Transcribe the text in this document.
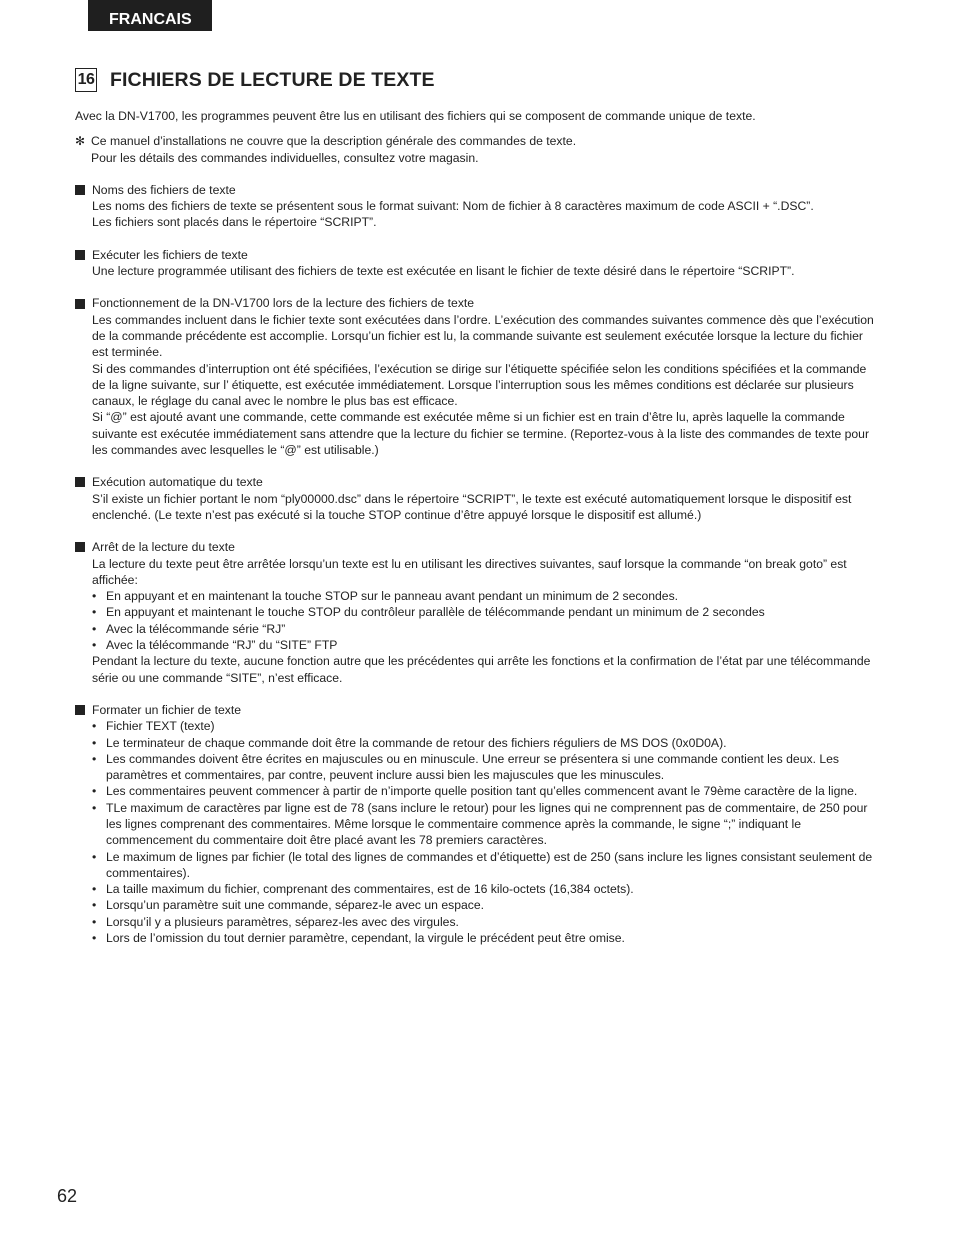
FRANCAIS
16 FICHIERS DE LECTURE DE TEXTE

Avec la DN-V1700, les programmes peuvent être lus en utilisant des fichiers qui se composent de commande unique de texte.

✻ Ce manuel d’installations ne couvre que la description générale des commandes de texte.

Pour les détails des commandes individuelles, consultez votre magasin.

Noms des fichiers de texte

Les noms des fichiers de texte se présentent sous le format suivant: Nom de fichier à 8 caractères maximum de code ASCII + “.DSC”.

Les fichiers sont placés dans le répertoire “SCRIPT”.

Exécuter les fichiers de texte

Une lecture programmée utilisant des fichiers de texte est exécutée en lisant le fichier de texte désiré dans le répertoire “SCRIPT”.

Fonctionnement de la DN-V1700 lors de la lecture des fichiers de texte

Les commandes incluent dans le fichier texte sont exécutées dans l’ordre. L’exécution des commandes suivantes commence dès que l’exécution de la commande précédente est accomplie. Lorsqu’un fichier est lu, la commande suivante est seulement exécutée lorsque la lecture du fichier est terminée.

Si des commandes d’interruption ont été spécifiées, l’exécution se dirige sur l’étiquette spécifiée selon les conditions spécifiées et la commande de la ligne suivante, sur l’ étiquette, est exécutée immédiatement. Lorsque l’interruption sous les mêmes conditions est déclarée sur plusieurs canaux, le réglage du canal avec le nombre le plus bas est efficace.

Si “@” est ajouté avant une commande, cette commande est exécutée même si un fichier est en train d’être lu, après laquelle la commande suivante est exécutée immédiatement sans attendre que la lecture du fichier se termine. (Reportez-vous à la liste des commandes de texte pour les commandes avec lesquelles le “@” est utilisable.)

Exécution automatique du texte

S’il existe un fichier portant le nom “ply00000.dsc” dans le répertoire “SCRIPT”, le texte est exécuté automatiquement lorsque le dispositif est enclenché. (Le texte n’est pas exécuté si la touche STOP continue d’être appuyé lorsque le dispositif est allumé.)

Arrêt de la lecture du texte

La lecture du texte peut être arrêtée lorsqu’un texte est lu en utilisant les directives suivantes, sauf lorsque la commande “on break goto” est affichée:

• En appuyant et en maintenant la touche STOP sur le panneau avant pendant un minimum de 2 secondes.
• En appuyant et maintenant le touche STOP du contrôleur parallèle de télécommande pendant un minimum de 2 secondes
• Avec la télécommande série “RJ”
• Avec la télécommande “RJ” du “SITE” FTP

Pendant la lecture du texte, aucune fonction autre que les précédentes qui arrête les fonctions et la confirmation de l’état par une télécommande série ou une commande “SITE”, n’est efficace.

Formater un fichier de texte
• Fichier TEXT (texte)
• Le terminateur de chaque commande doit être la commande de retour des fichiers réguliers de MS DOS (0x0D0A).
• Les commandes doivent être écrites en majuscules ou en minuscule. Une erreur se présentera si une commande contient les deux. Les paramètres et commentaires, par contre, peuvent inclure aussi bien les majuscules que les minuscules.
• Les commentaires peuvent commencer à partir de n’importe quelle position tant qu’elles commencent avant le 79ème caractère de la ligne.
• TLe maximum de caractères par ligne est de 78 (sans inclure le retour) pour les lignes qui ne comprennent pas de commentaire, de 250 pour les lignes comprenant des commentaires. Même lorsque le commentaire commence après la commande, le signe “;” indiquant le commencement du commentaire doit être placé avant les 78 premiers caractères.
• Le maximum de lignes par fichier (le total des lignes de commandes et d’étiquette) est de 250 (sans inclure les lignes consistant seulement de commentaires).
• La taille maximum du fichier, comprenant des commentaires, est de 16 kilo-octets (16,384 octets).
• Lorsqu’un paramètre suit une commande, séparez-le avec un espace.
• Lorsqu’il y a plusieurs paramètres, séparez-les avec des virgules.
• Lors de l’omission du tout dernier paramètre, cependant, la virgule le précédent peut être omise.
62
